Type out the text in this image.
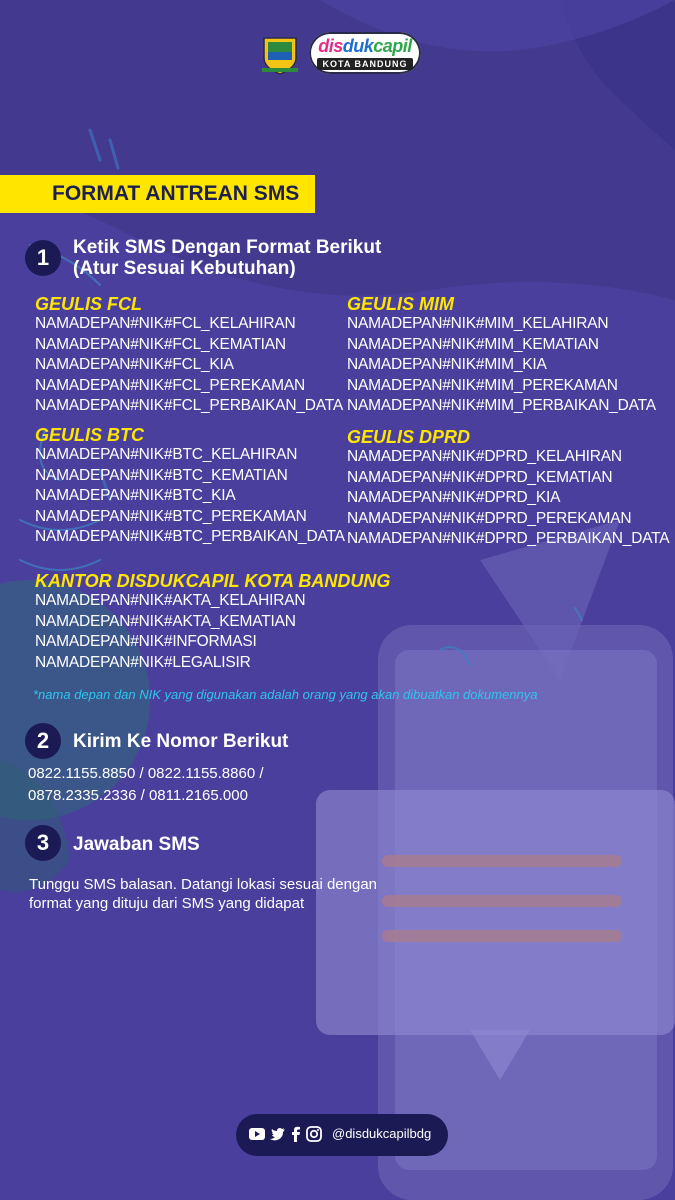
disdukcapil
KOTA BANDUNG
FORMAT ANTREAN SMS
1	Ketik SMS Dengan Format Berikut
(Atur Sesuai Kebutuhan)
GEULIS FCL
NAMADEPAN#NIK#FCL_KELAHIRAN
NAMADEPAN#NIK#FCL_KEMATIAN
NAMADEPAN#NIK#FCL_KIA
NAMADEPAN#NIK#FCL_PEREKAMAN
NAMADEPAN#NIK#FCL_PERBAIKAN_DATA
GEULIS MIM
NAMADEPAN#NIK#MIM_KELAHIRAN
NAMADEPAN#NIK#MIM_KEMATIAN
NAMADEPAN#NIK#MIM_KIA
NAMADEPAN#NIK#MIM_PEREKAMAN
NAMADEPAN#NIK#MIM_PERBAIKAN_DATA
GEULIS BTC
NAMADEPAN#NIK#BTC_KELAHIRAN
NAMADEPAN#NIK#BTC_KEMATIAN
NAMADEPAN#NIK#BTC_KIA
NAMADEPAN#NIK#BTC_PEREKAMAN
NAMADEPAN#NIK#BTC_PERBAIKAN_DATA
GEULIS DPRD
NAMADEPAN#NIK#DPRD_KELAHIRAN
NAMADEPAN#NIK#DPRD_KEMATIAN
NAMADEPAN#NIK#DPRD_KIA
NAMADEPAN#NIK#DPRD_PEREKAMAN
NAMADEPAN#NIK#DPRD_PERBAIKAN_DATA
KANTOR DISDUKCAPIL KOTA BANDUNG
NAMADEPAN#NIK#AKTA_KELAHIRAN
NAMADEPAN#NIK#AKTA_KEMATIAN
NAMADEPAN#NIK#INFORMASI
NAMADEPAN#NIK#LEGALISIR
*nama depan dan NIK yang digunakan adalah orang yang akan dibuatkan dokumennya
2	Kirim Ke Nomor Berikut
0822.1155.8850 / 0822.1155.8860 /
0878.2335.2336 / 0811.2165.000
3	Jawaban SMS
Tunggu SMS balasan. Datangi lokasi sesuai dengan
format yang dituju dari SMS yang didapat
@disdukcapilbdg
